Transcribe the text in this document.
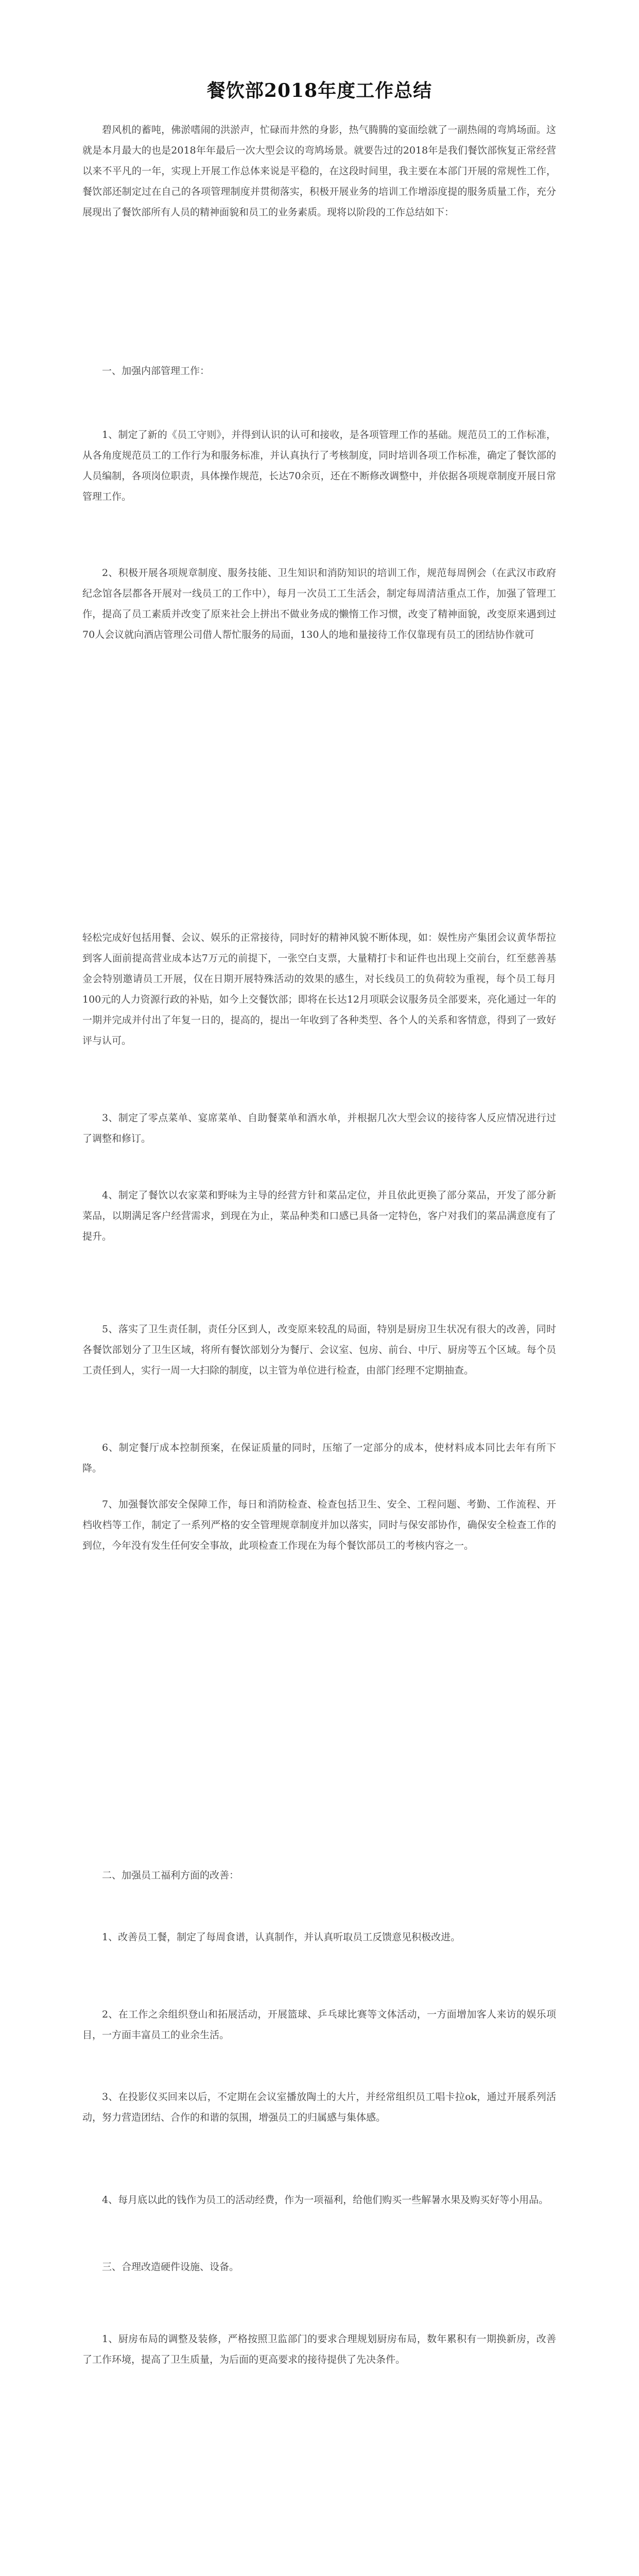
餐饮部2018年度工作总结

碧风机的蓄吨，佛淤嗜闹的洪淤声，忙碌而井然的身影，热气腾腾的宴面绘就了一副热闹的弯鸠场面。这就是本月最大的也是2018年年最后一次大型会议的弯鸠场景。就要告过的2018年是我们餐饮部恢复正常经营以来不平凡的一年，实现上开展工作总体来说是平稳的，在这段时间里，我主要在本部门开展的常规性工作，餐饮部还制定过在自己的各项管理制度并贯彻落实，积极开展业务的培训工作增添度提的服务质量工作，充分展现出了餐饮部所有人员的精神面貌和员工的业务素质。现将以阶段的工作总结如下：

一、加强内部管理工作：

1、制定了新的《员工守则》，并得到认识的认可和接收，是各项管理工作的基础。规范员工的工作标准，从各角度规范员工的工作行为和服务标准，并认真执行了考核制度，同时培训各项工作标准，确定了餐饮部的人员编制，各项岗位职责，具体操作规范，长达70余页，还在不断修改调整中，并依据各项规章制度开展日常管理工作。

2、积极开展各项规章制度、服务技能、卫生知识和消防知识的培训工作，规范每周例会（在武汉市政府纪念馆各层都各开展对一线员工的工作中），每月一次员工工生活会，制定每周清洁重点工作，加强了管理工作，提高了员工素质并改变了原来社会上拼出不做业务成的懒惰工作习惯，改变了精神面貌，改变原来遇到过70人会议就向酒店管理公司借人帮忙服务的局面，130人的地和量接待工作仅靠现有员工的团结协作就可

轻松完成好包括用餐、会议、娱乐的正常接待，同时好的精神风貌不断体现，如：娱性房产集团会议黄华帮拉到客人面前提高营业成本达7万元的前提下，一张空白支票，大量精打卡和证件也出现上交前台，红至慈善基金会特别邀请员工开展，仅在日期开展特殊活动的效果的感生，对长线员工的负荷较为重视，每个员工每月100元的人力资源行政的补贴，如今上交餐饮部；即将在长达12月项联会议服务员全部要来，亮化通过一年的一期并完成并付出了年复一日的，提高的，提出一年收到了各种类型、各个人的关系和客情意，得到了一致好评与认可。

3、制定了零点菜单、宴席菜单、自助餐菜单和酒水单，并根据几次大型会议的接待客人反应情况进行过了调整和修订。

4、制定了餐饮以农家菜和野味为主导的经营方针和菜品定位，并且依此更换了部分菜品，开发了部分新菜品，以期满足客户经营需求，到现在为止，菜品种类和口感已具备一定特色，客户对我们的菜品满意度有了提升。

5、落实了卫生责任制，责任分区到人，改变原来较乱的局面，特别是厨房卫生状况有很大的改善，同时各餐饮部划分了卫生区域，将所有餐饮部划分为餐厅、会议室、包房、前台、中厅、厨房等五个区域。每个员工责任到人，实行一周一大扫除的制度，以主管为单位进行检查，由部门经理不定期抽查。

6、制定餐厅成本控制预案，在保证质量的同时，压缩了一定部分的成本，使材料成本同比去年有所下降。

7、加强餐饮部安全保障工作，每日和消防检查、检查包括卫生、安全、工程问题、考勤、工作流程、开档收档等工作，制定了一系列严格的安全管理规章制度并加以落实，同时与保安部协作，确保安全检查工作的到位，今年没有发生任何安全事故，此项检查工作现在为每个餐饮部员工的考核内容之一。

二、加强员工福利方面的改善：

1、改善员工餐，制定了每周食谱，认真制作，并认真听取员工反馈意见积极改进。

2、在工作之余组织登山和拓展活动，开展篮球、乒乓球比赛等文体活动，一方面增加客人来访的娱乐项目，一方面丰富员工的业余生活。

3、在投影仪买回来以后，不定期在会议室播放陶土的大片，并经常组织员工唱卡拉ok，通过开展系列活动，努力营造团结、合作的和谐的氛围，增强员工的归属感与集体感。

4、每月底以此的钱作为员工的活动经费，作为一项福利，给他们购买一些解暑水果及购买好等小用品。

三、合理改造硬件设施、设备。

1、厨房布局的调整及装修，严格按照卫监部门的要求合理规划厨房布局，数年累积有一期换新房，改善了工作环境，提高了卫生质量，为后面的更高要求的接待提供了先决条件。
